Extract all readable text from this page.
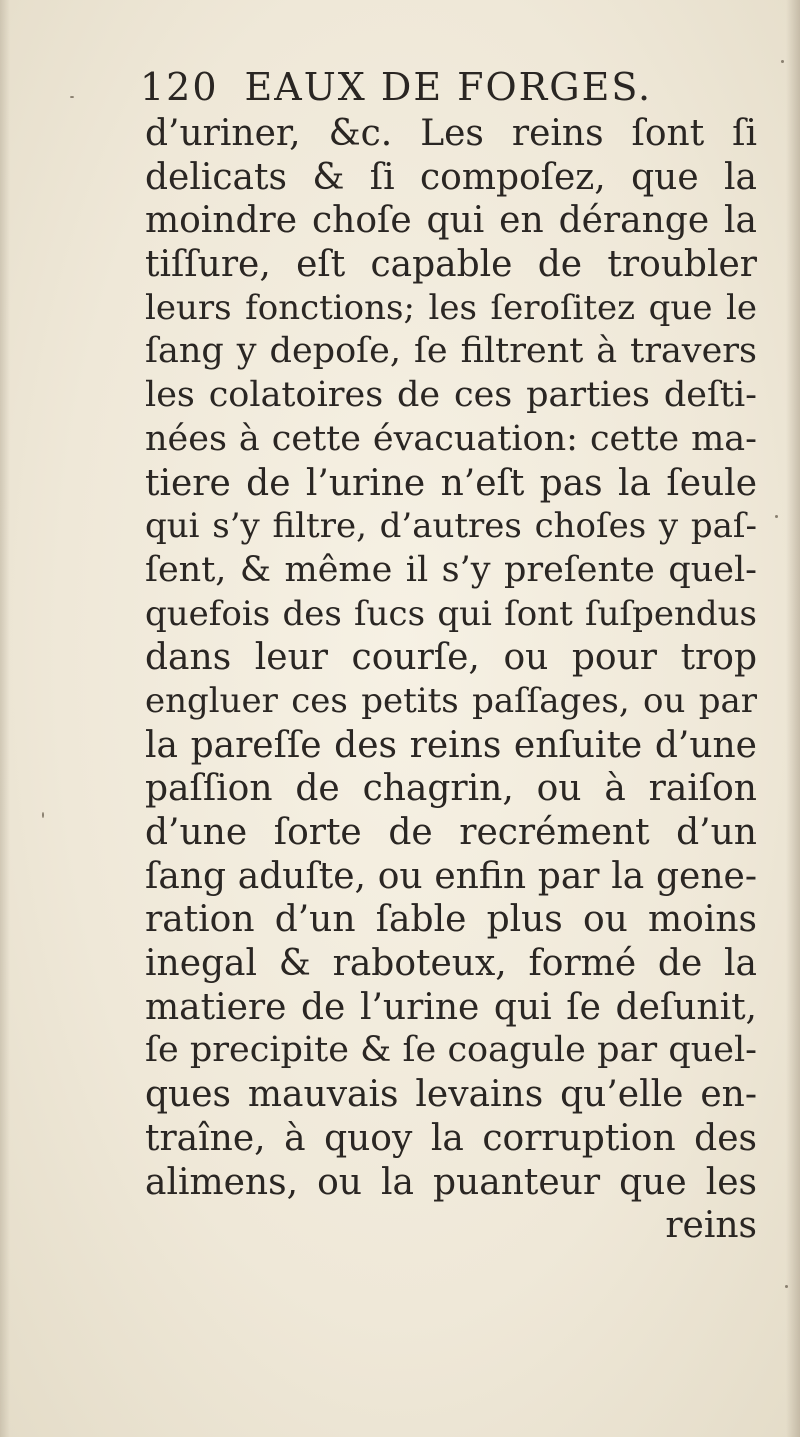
120 EAUX DE FORGES.
d’uriner, &c. Les reins ſont ſi
delicats & ſi compoſez, que la
moindre choſe qui en dérange la
tiſſure, eſt capable de troubler
leurs fonctions; les ſeroſitez que le
ſang y depoſe, ſe filtrent à travers
les colatoires de ces parties deſti-
nées à cette évacuation: cette ma-
tiere de l’urine n’eſt pas la ſeule
qui s’y filtre, d’autres choſes y paſ-
ſent, & même il s’y preſente quel-
quefois des ſucs qui ſont ſuſpendus
dans leur courſe, ou pour trop
engluer ces petits paſſages, ou par
la pareſſe des reins enſuite d’une
paſſion de chagrin, ou à raiſon
d’une ſorte de recrément d’un
ſang aduſte, ou enfin par la gene-
ration d’un ſable plus ou moins
inegal & raboteux, formé de la
matiere de l’urine qui ſe deſunit,
ſe precipite & ſe coagule par quel-
ques mauvais levains qu’elle en-
traîne, à quoy la corruption des
alimens, ou la puanteur que les
reins
